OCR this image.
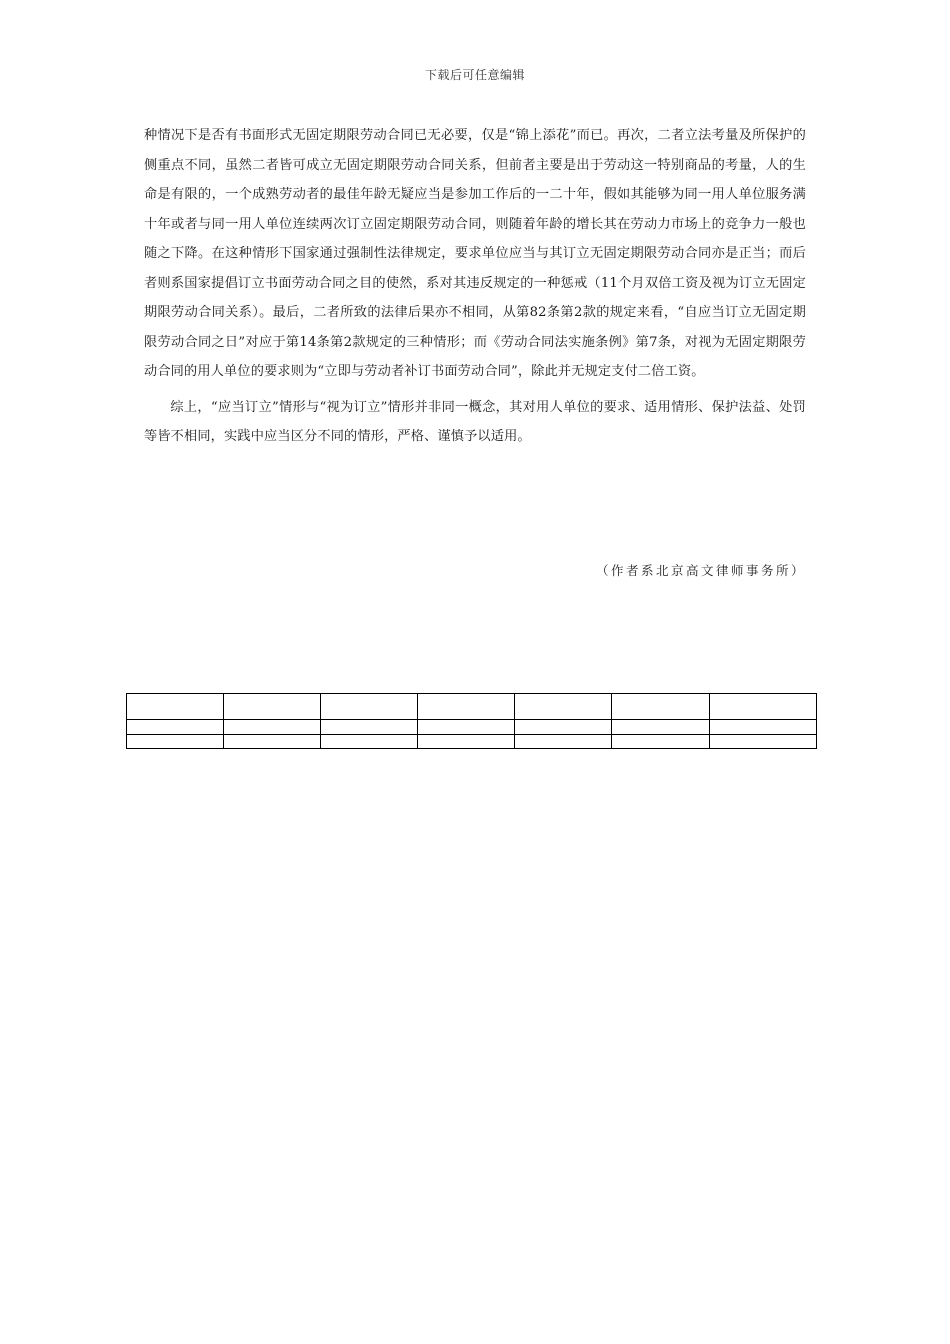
下载后可任意编辑

种情况下是否有书面形式无固定期限劳动合同已无必要，仅是“锦上添花”而已。再次，二者立法考量及所保护的侧重点不同，虽然二者皆可成立无固定期限劳动合同关系，但前者主要是出于劳动这一特别商品的考量，人的生命是有限的，一个成熟劳动者的最佳年龄无疑应当是参加工作后的一二十年，假如其能够为同一用人单位服务满十年或者与同一用人单位连续两次订立固定期限劳动合同，则随着年龄的增长其在劳动力市场上的竞争力一般也随之下降。在这种情形下国家通过强制性法律规定，要求单位应当与其订立无固定期限劳动合同亦是正当；而后者则系国家提倡订立书面劳动合同之目的使然，系对其违反规定的一种惩戒（11个月双倍工资及视为订立无固定期限劳动合同关系）。最后，二者所致的法律后果亦不相同，从第82条第2款的规定来看，“自应当订立无固定期限劳动合同之日”对应于第14条第2款规定的三种情形；而《劳动合同法实施条例》第7条，对视为无固定期限劳动合同的用人单位的要求则为“立即与劳动者补订书面劳动合同”，除此并无规定支付二倍工资。

综上，“应当订立”情形与“视为订立”情形并非同一概念，其对用人单位的要求、适用情形、保护法益、处罚等皆不相同，实践中应当区分不同的情形，严格、谨慎予以适用。

（作者系北京高文律师事务所）
